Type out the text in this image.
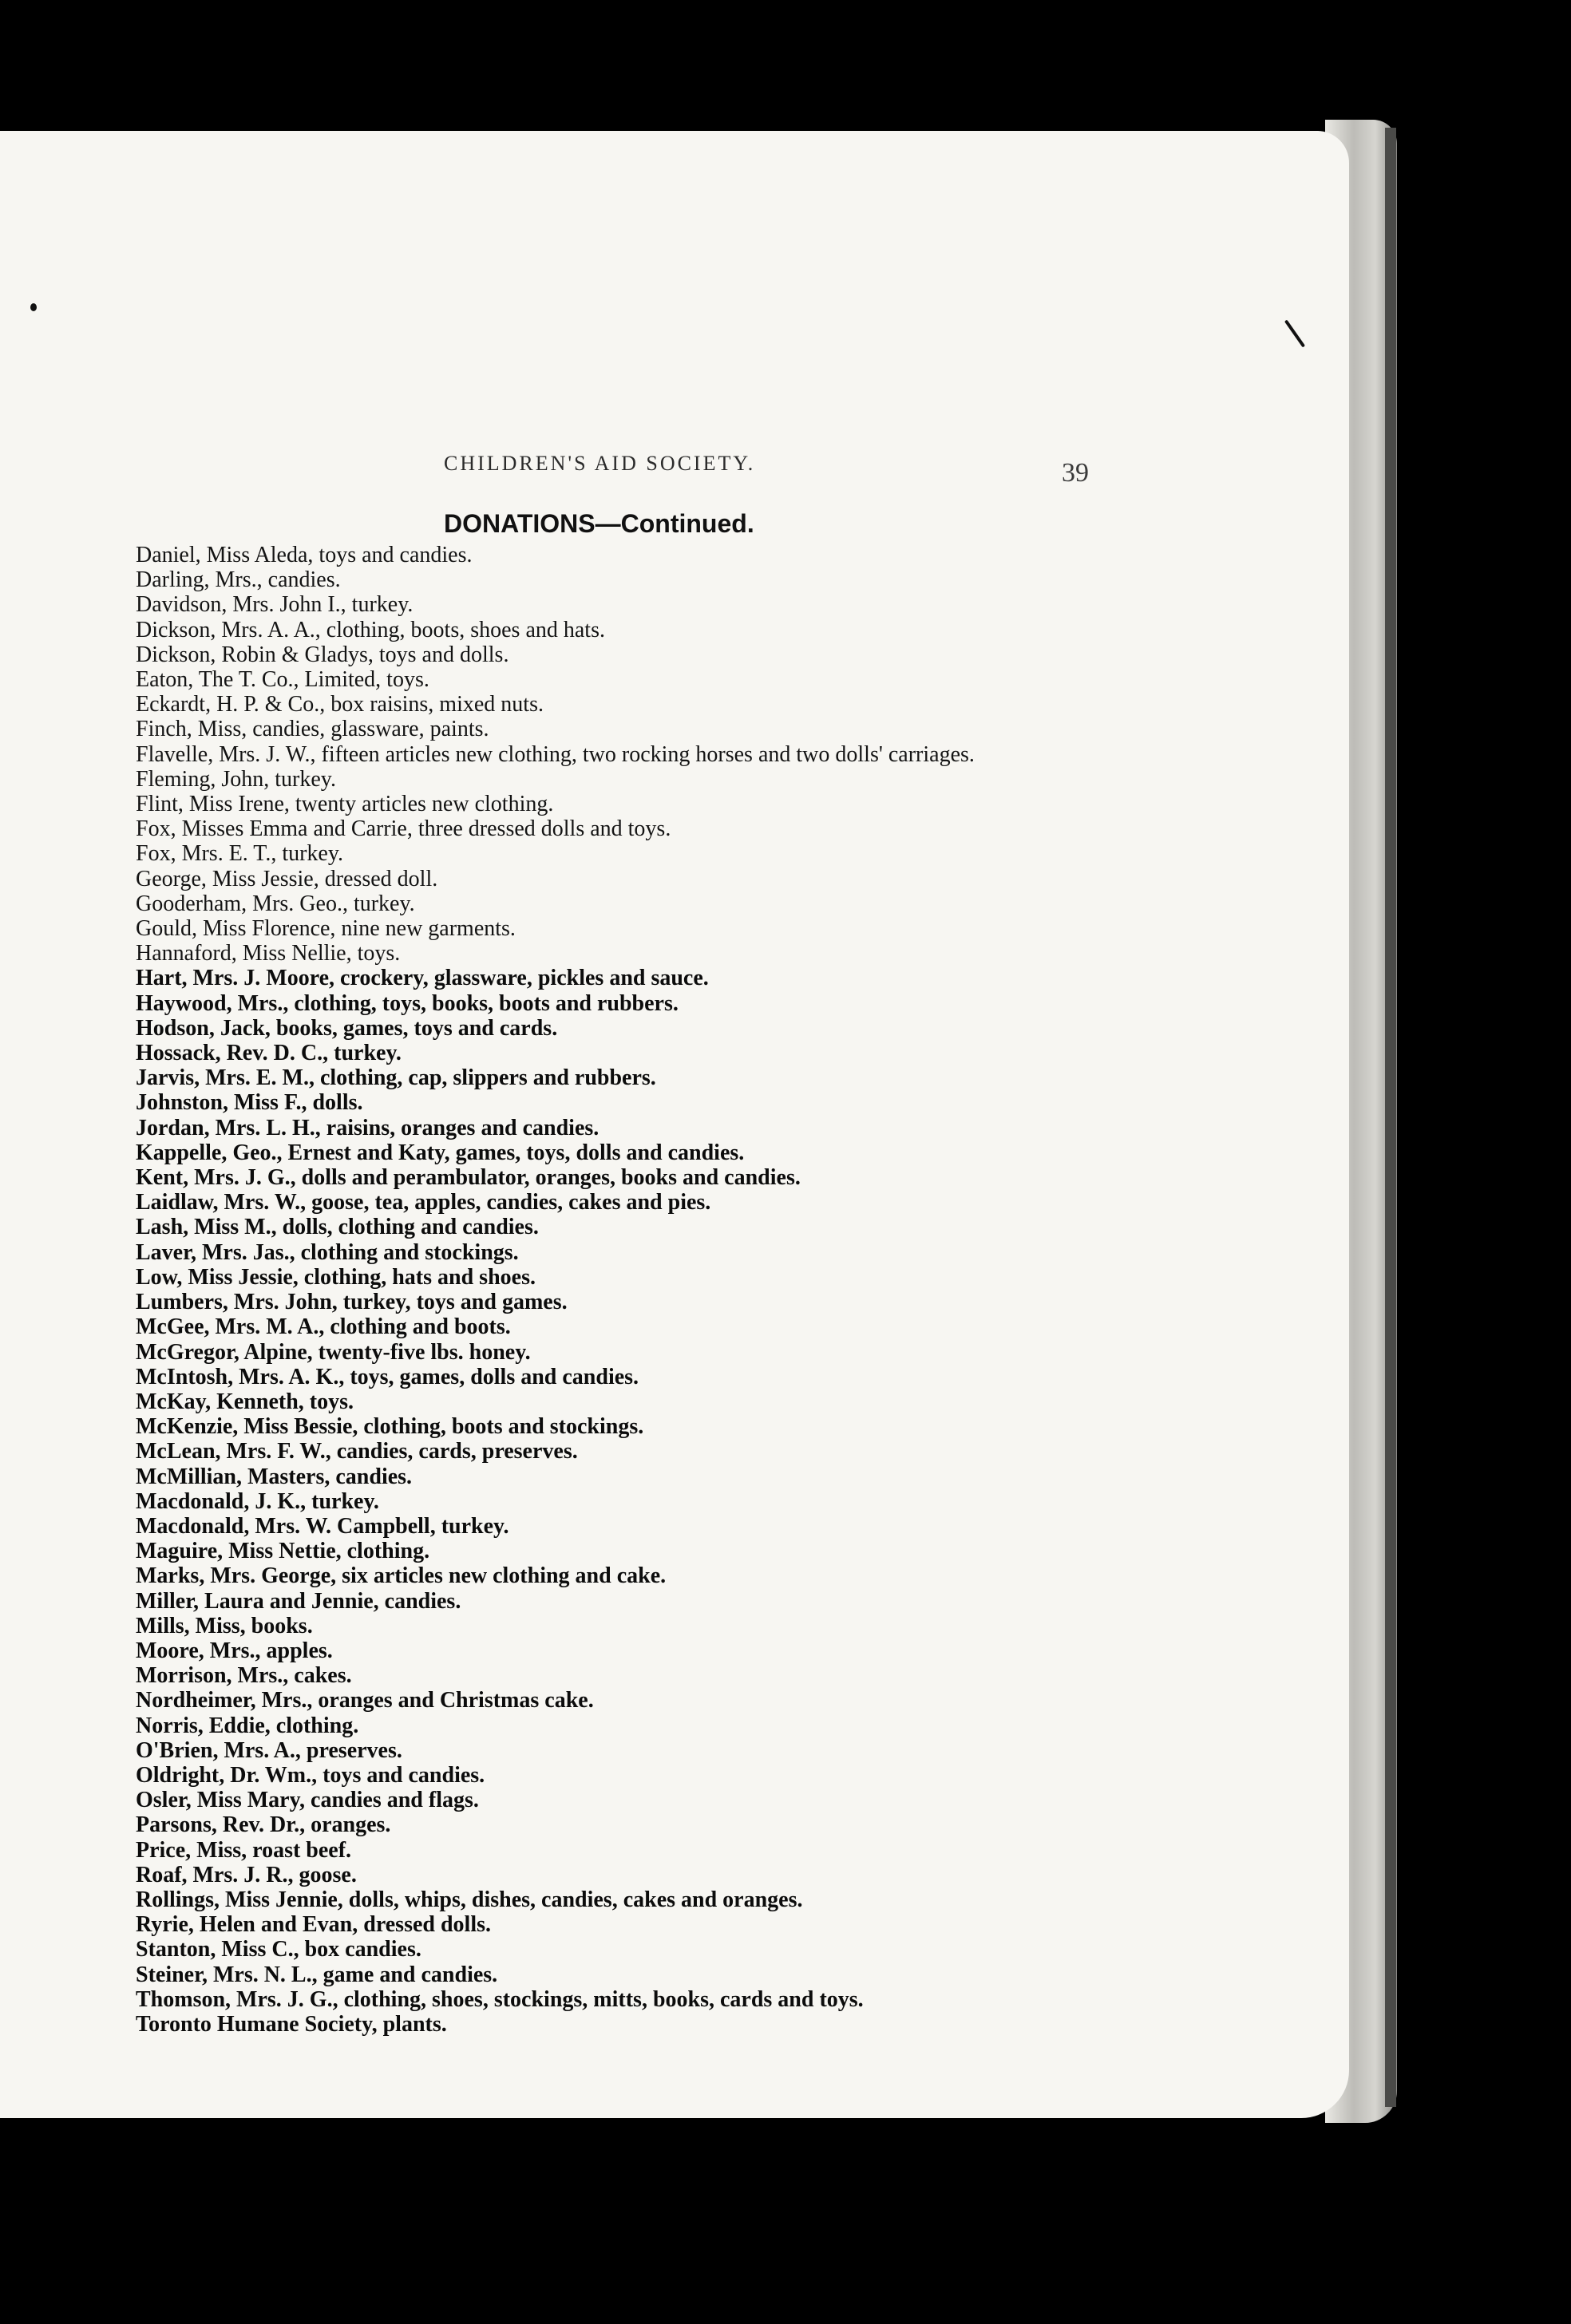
CHILDREN'S AID SOCIETY.	39
DONATIONS—Continued.
Daniel, Miss Aleda, toys and candies.
Darling, Mrs., candies.
Davidson, Mrs. John I., turkey.
Dickson, Mrs. A. A., clothing, boots, shoes and hats.
Dickson, Robin & Gladys, toys and dolls.
Eaton, The T. Co., Limited, toys.
Eckardt, H. P. & Co., box raisins, mixed nuts.
Finch, Miss, candies, glassware, paints.
Flavelle, Mrs. J. W., fifteen articles new clothing, two rocking horses and two dolls' carriages.
Fleming, John, turkey.
Flint, Miss Irene, twenty articles new clothing.
Fox, Misses Emma and Carrie, three dressed dolls and toys.
Fox, Mrs. E. T., turkey.
George, Miss Jessie, dressed doll.
Gooderham, Mrs. Geo., turkey.
Gould, Miss Florence, nine new garments.
Hannaford, Miss Nellie, toys.
Hart, Mrs. J. Moore, crockery, glassware, pickles and sauce.
Haywood, Mrs., clothing, toys, books, boots and rubbers.
Hodson, Jack, books, games, toys and cards.
Hossack, Rev. D. C., turkey.
Jarvis, Mrs. E. M., clothing, cap, slippers and rubbers.
Johnston, Miss F., dolls.
Jordan, Mrs. L. H., raisins, oranges and candies.
Kappelle, Geo., Ernest and Katy, games, toys, dolls and candies.
Kent, Mrs. J. G., dolls and perambulator, oranges, books and candies.
Laidlaw, Mrs. W., goose, tea, apples, candies, cakes and pies.
Lash, Miss M., dolls, clothing and candies.
Laver, Mrs. Jas., clothing and stockings.
Low, Miss Jessie, clothing, hats and shoes.
Lumbers, Mrs. John, turkey, toys and games.
McGee, Mrs. M. A., clothing and boots.
McGregor, Alpine, twenty-five lbs. honey.
McIntosh, Mrs. A. K., toys, games, dolls and candies.
McKay, Kenneth, toys.
McKenzie, Miss Bessie, clothing, boots and stockings.
McLean, Mrs. F. W., candies, cards, preserves.
McMillian, Masters, candies.
Macdonald, J. K., turkey.
Macdonald, Mrs. W. Campbell, turkey.
Maguire, Miss Nettie, clothing.
Marks, Mrs. George, six articles new clothing and cake.
Miller, Laura and Jennie, candies.
Mills, Miss, books.
Moore, Mrs., apples.
Morrison, Mrs., cakes.
Nordheimer, Mrs., oranges and Christmas cake.
Norris, Eddie, clothing.
O'Brien, Mrs. A., preserves.
Oldright, Dr. Wm., toys and candies.
Osler, Miss Mary, candies and flags.
Parsons, Rev. Dr., oranges.
Price, Miss, roast beef.
Roaf, Mrs. J. R., goose.
Rollings, Miss Jennie, dolls, whips, dishes, candies, cakes and oranges.
Ryrie, Helen and Evan, dressed dolls.
Stanton, Miss C., box candies.
Steiner, Mrs. N. L., game and candies.
Thomson, Mrs. J. G., clothing, shoes, stockings, mitts, books, cards and toys.
Toronto Humane Society, plants.
